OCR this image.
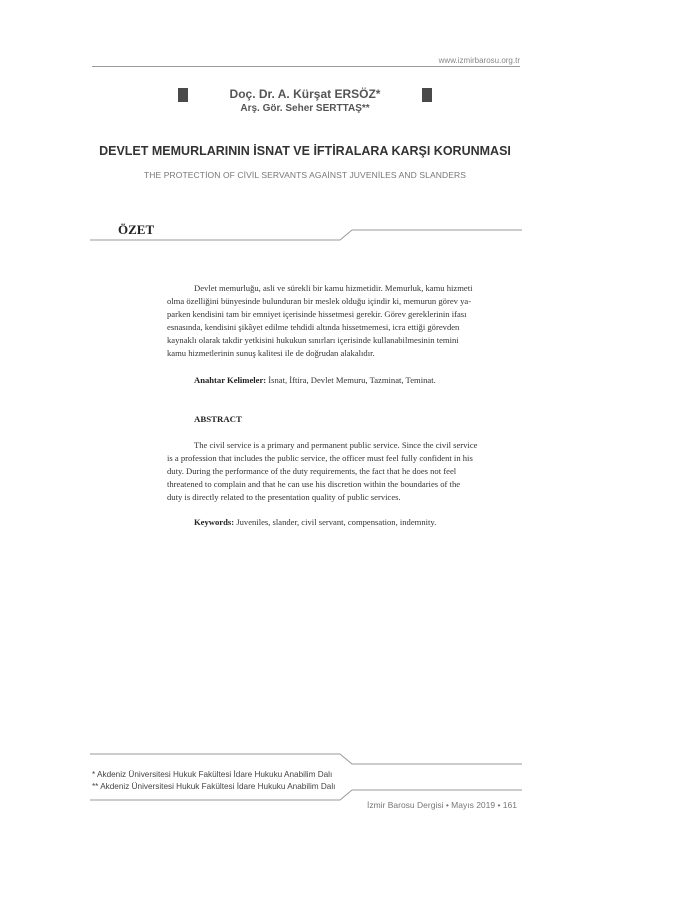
www.izmirbarosu.org.tr
Doç. Dr. A. Kürşat ERSÖZ*
Arş. Gör. Seher SERTTAŞ**
DEVLET MEMURLARININ İSNAT VE İFTİRALARA KARŞI KORUNMASI
THE PROTECTİON OF CİVİL SERVANTS AGAİNST JUVENİLES AND SLANDERS
ÖZET
Devlet memurluğu, asli ve sürekli bir kamu hizmetidir. Memurluk, kamu hizmeti
olma özelliğini bünyesinde bulunduran bir meslek olduğu içindir ki, memurun görev ya-
parken kendisini tam bir emniyet içerisinde hissetmesi gerekir. Görev gereklerinin ifası
esnasında, kendisini şikâyet edilme tehdidi altında hissetmemesi, icra ettiği görevden
kaynaklı olarak takdir yetkisini hukukun sınırları içerisinde kullanabilmesinin temini
kamu hizmetlerinin sunuş kalitesi ile de doğrudan alakalıdır.
Anahtar Kelimeler: İsnat, İftira, Devlet Memuru, Tazminat, Teminat.
ABSTRACT
The civil service is a primary and permanent public service. Since the civil service
is a profession that includes the public service, the officer must feel fully confident in his
duty. During the performance of the duty requirements, the fact that he does not feel
threatened to complain and that he can use his discretion within the boundaries of the
duty is directly related to the presentation quality of public services.
Keywords: Juveniles, slander, civil servant, compensation, indemnity.
* Akdeniz Üniversitesi Hukuk Fakültesi İdare Hukuku Anabilim Dalı
** Akdeniz Üniversitesi Hukuk Fakültesi İdare Hukuku Anabilim Dalı
İzmir Barosu Dergisi • Mayıs 2019 • 161
